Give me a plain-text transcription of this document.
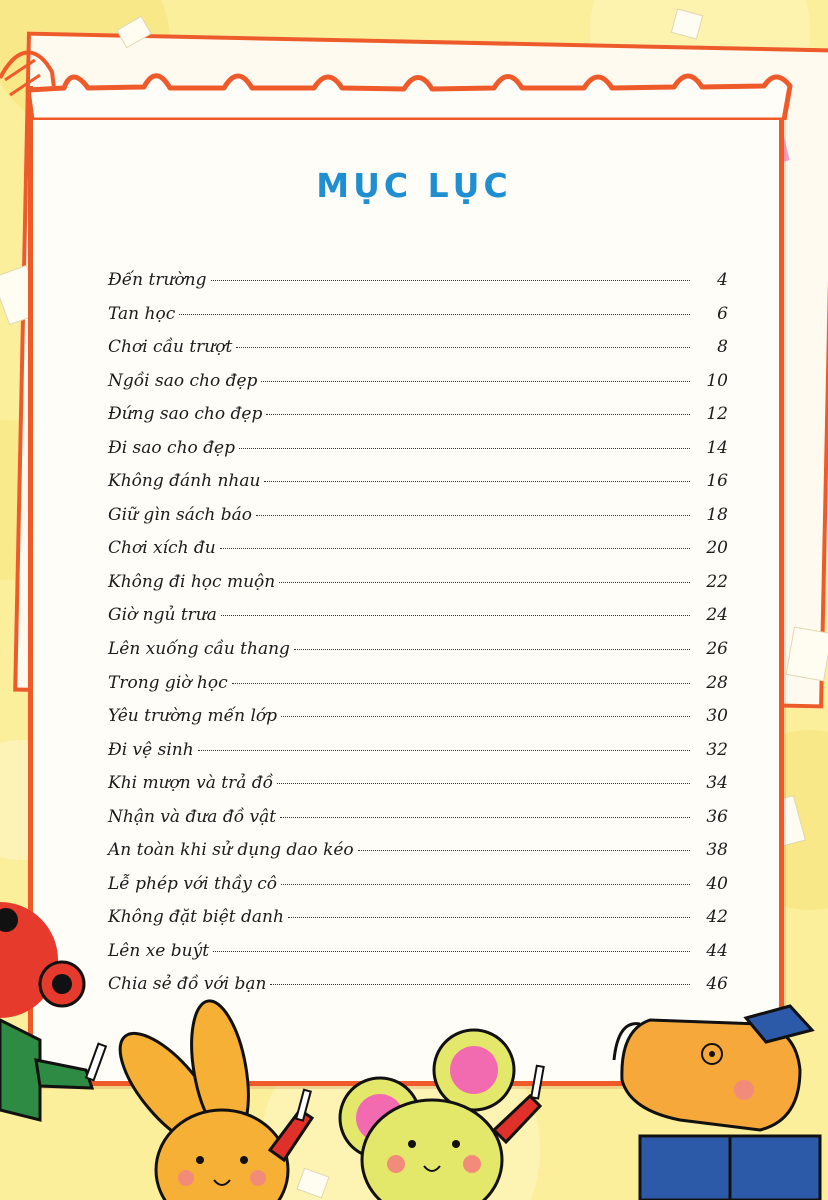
MỤC LỤC
Đến trường	4
Tan học	6
Chơi cầu trượt	8
Ngồi sao cho đẹp	10
Đứng sao cho đẹp	12
Đi sao cho đẹp	14
Không đánh nhau	16
Giữ gìn sách báo	18
Chơi xích đu	20
Không đi học muộn	22
Giờ ngủ trưa	24
Lên xuống cầu thang	26
Trong giờ học	28
Yêu trường mến lớp	30
Đi vệ sinh	32
Khi mượn và trả đồ	34
Nhận và đưa đồ vật	36
An toàn khi sử dụng dao kéo	38
Lễ phép với thầy cô	40
Không đặt biệt danh	42
Lên xe buýt	44
Chia sẻ đồ với bạn	46
